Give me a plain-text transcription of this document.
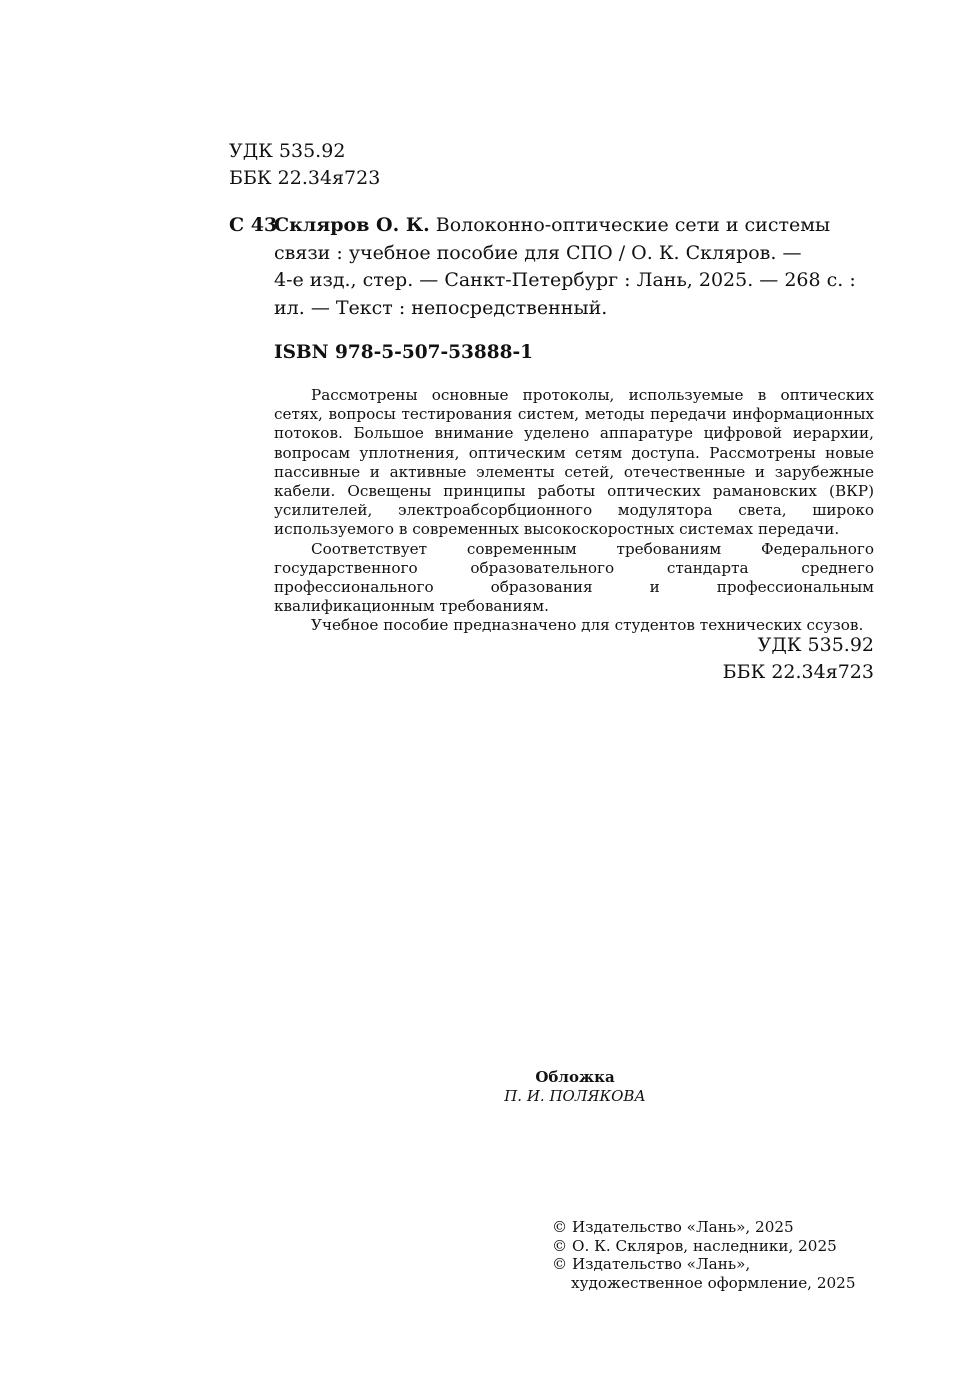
УДК 535.92
ББК 22.34я723
С 43
Скляров О. К. Волоконно-оптические сети и системы
связи : учебное пособие для СПО / О. К. Скляров. —
4-е изд., стер. — Санкт-Петербург : Лань, 2025. — 268 с. :
ил. — Текст : непосредственный.
ISBN 978-5-507-53888-1

Рассмотрены основные протоколы, используемые в оптических сетях, вопросы тестирования систем, методы передачи информационных потоков. Большое внимание уделено аппаратуре цифровой иерархии, вопросам уплотнения, оптическим сетям доступа. Рассмотрены новые пассивные и активные элементы сетей, отечественные и зарубежные кабели. Освещены принципы работы оптических рамановских (ВКР) усилителей, электроабсорбционного модулятора света, широко используемого в современных высокоскоростных системах передачи.

Соответствует современным требованиям Федерального государственного образовательного стандарта среднего профессионального образования и профессиональным квалификационным требованиям.

Учебное пособие предназначено для студентов технических ссузов.

УДК 535.92
ББК 22.34я723
Обложка
П. И. ПОЛЯКОВА
© Издательство «Лань», 2025
© О. К. Скляров, наследники, 2025
© Издательство «Лань»,
художественное оформление, 2025
